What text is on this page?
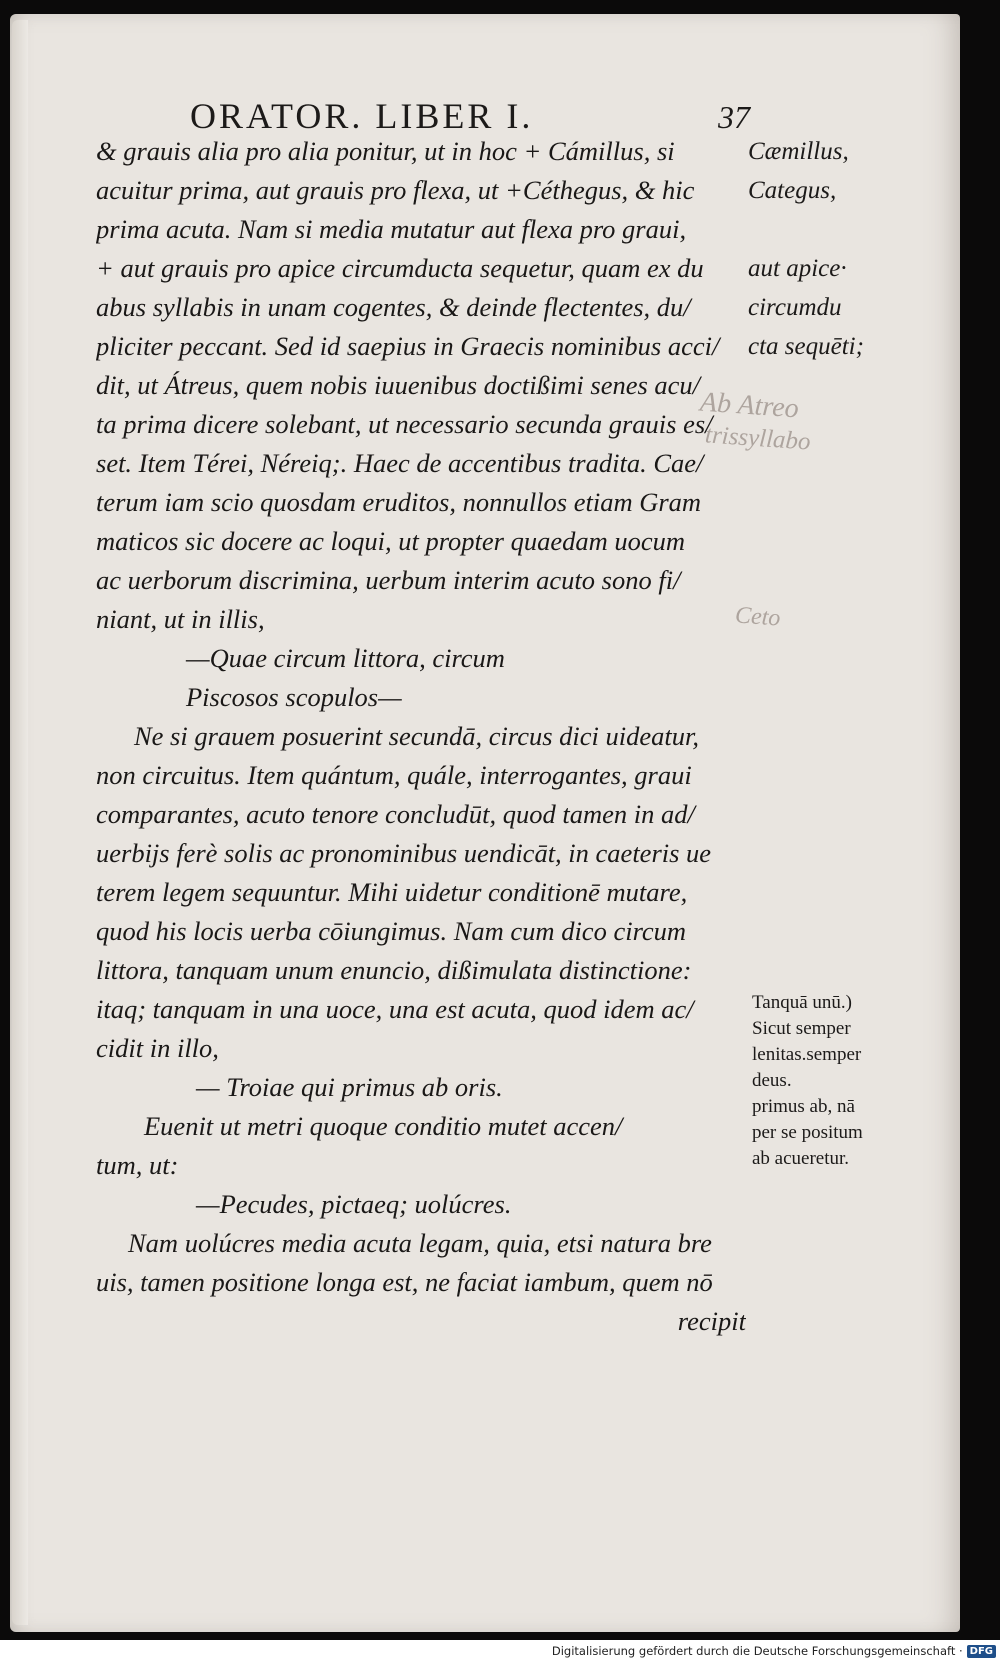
ORATOR. LIBER I.	37
& grauis alia pro alia ponitur, ut in hoc + Cámillus, si
acuitur prima, aut grauis pro flexa, ut +Céthegus, & hic
prima acuta. Nam si media mutatur aut flexa pro graui,
+ aut grauis pro apice circumducta sequetur, quam ex du
abus syllabis in unam cogentes, & deinde flectentes, du/
pliciter peccant. Sed id saepius in Graecis nominibus acci/
dit, ut Átreus, quem nobis iuuenibus doctißimi senes acu/
ta prima dicere solebant, ut necessario secunda grauis es/
set. Item Térei, Néreiq;. Haec de accentibus tradita. Cae/
terum iam scio quosdam eruditos, nonnullos etiam Gram
maticos sic docere ac loqui, ut propter quaedam uocum
ac uerborum discrimina, uerbum interim acuto sono fi/
niant, ut in illis,
—Quae circum littora, circum
Piscosos scopulos—
Ne si grauem posuerint secundā, circus dici uideatur,
non circuitus. Item quántum, quále, interrogantes, graui
comparantes, acuto tenore concludūt, quod tamen in ad/
uerbijs ferè solis ac pronominibus uendicāt, in caeteris ue
terem legem sequuntur. Mihi uidetur conditionē mutare,
quod his locis uerba cōiungimus. Nam cum dico circum
littora, tanquam unum enuncio, dißimulata distinctione:
itaq; tanquam in una uoce, una est acuta, quod idem ac/
cidit in illo,
— Troiae qui primus ab oris.
Euenit ut metri quoque conditio mutet accen/
tum, ut:
—Pecudes, pictaeq; uolúcres.
Nam uolúcres media acuta legam, quia, etsi natura bre
uis, tamen positione longa est, ne faciat iambum, quem nō
recipit
Cæmillus,
Categus,
aut apice·
circumdu
cta sequēti;
Tanquā unū.)
Sicut semper
lenitas.semper
deus.
primus ab, nā
per se positum
ab acueretur.
Ab Atreo
trissyllabo
Ceto
Digitalisierung gefördert durch die Deutsche Forschungsgemeinschaft · DFG
